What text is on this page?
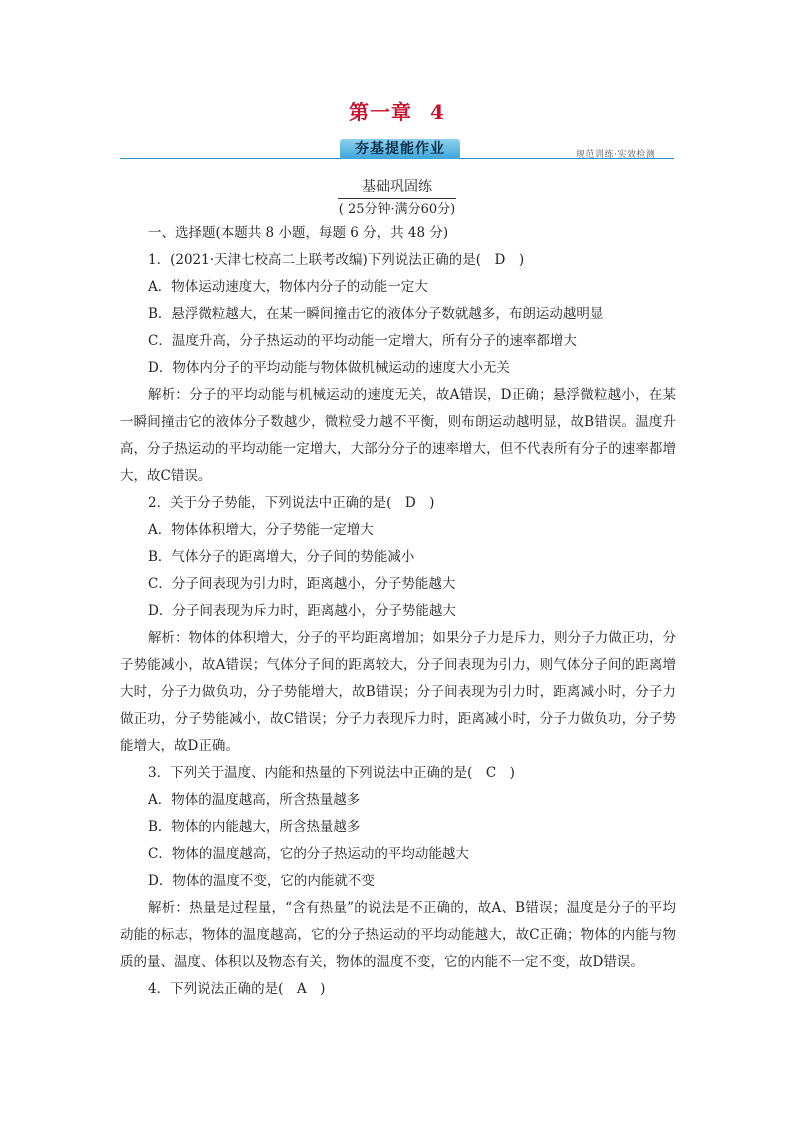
第一章 4
夯基提能作业	规范训练·实效检测
基础巩固练
( 25分钟·满分60分)

一、选择题(本题共 8 小题，每题 6 分，共 48 分)

1．(2021·天津七校高二上联考改编)下列说法正确的是(　D　)

A．物体运动速度大，物体内分子的动能一定大

B．悬浮微粒越大，在某一瞬间撞击它的液体分子数就越多，布朗运动越明显

C．温度升高，分子热运动的平均动能一定增大，所有分子的速率都增大

D．物体内分子的平均动能与物体做机械运动的速度大小无关

解析：分子的平均动能与机械运动的速度无关，故A错误，D正确；悬浮微粒越小，在某一瞬间撞击它的液体分子数越少，微粒受力越不平衡，则布朗运动越明显，故B错误。温度升高，分子热运动的平均动能一定增大，大部分分子的速率增大，但不代表所有分子的速率都增大，故C错误。

2．关于分子势能，下列说法中正确的是(　D　)

A．物体体积增大，分子势能一定增大

B．气体分子的距离增大，分子间的势能减小

C．分子间表现为引力时，距离越小，分子势能越大

D．分子间表现为斥力时，距离越小，分子势能越大

解析：物体的体积增大，分子的平均距离增加；如果分子力是斥力，则分子力做正功，分子势能减小，故A错误；气体分子间的距离较大，分子间表现为引力，则气体分子间的距离增大时，分子力做负功，分子势能增大，故B错误；分子间表现为引力时，距离减小时，分子力做正功，分子势能减小，故C错误；分子力表现斥力时，距离减小时，分子力做负功，分子势能增大，故D正确。

3．下列关于温度、内能和热量的下列说法中正确的是(　C　)

A．物体的温度越高，所含热量越多

B．物体的内能越大，所含热量越多

C．物体的温度越高，它的分子热运动的平均动能越大

D．物体的温度不变，它的内能就不变

解析：热量是过程量，“含有热量”的说法是不正确的，故A、B错误；温度是分子的平均动能的标志，物体的温度越高，它的分子热运动的平均动能越大，故C正确；物体的内能与物质的量、温度、体积以及物态有关，物体的温度不变，它的内能不一定不变，故D错误。

4．下列说法正确的是(　A　)
